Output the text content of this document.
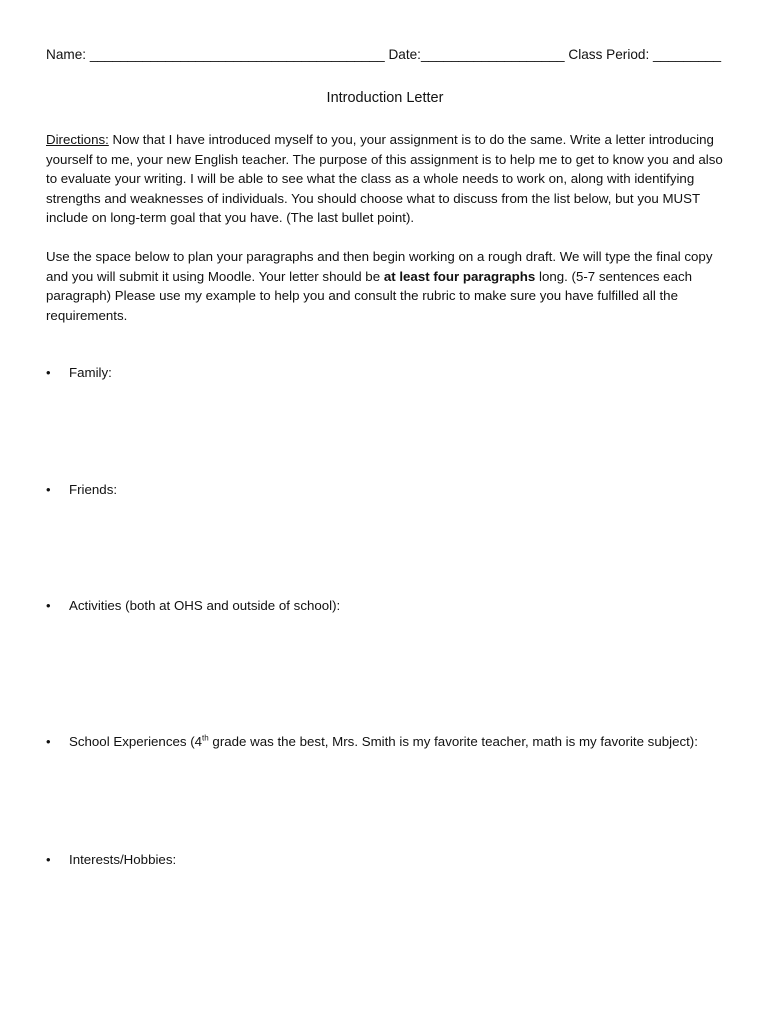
Name: _______________________________________ Date:___________________ Class Period: _________
Introduction Letter
Directions: Now that I have introduced myself to you, your assignment is to do the same. Write a letter introducing yourself to me, your new English teacher. The purpose of this assignment is to help me to get to know you and also to evaluate your writing. I will be able to see what the class as a whole needs to work on, along with identifying strengths and weaknesses of individuals. You should choose what to discuss from the list below, but you MUST include on long-term goal that you have. (The last bullet point).
Use the space below to plan your paragraphs and then begin working on a rough draft. We will type the final copy and you will submit it using Moodle. Your letter should be at least four paragraphs long. (5-7 sentences each paragraph) Please use my example to help you and consult the rubric to make sure you have fulfilled all the requirements.
• Family:
• Friends:
• Activities (both at OHS and outside of school):
• School Experiences (4th grade was the best, Mrs. Smith is my favorite teacher, math is my favorite subject):
• Interests/Hobbies:
